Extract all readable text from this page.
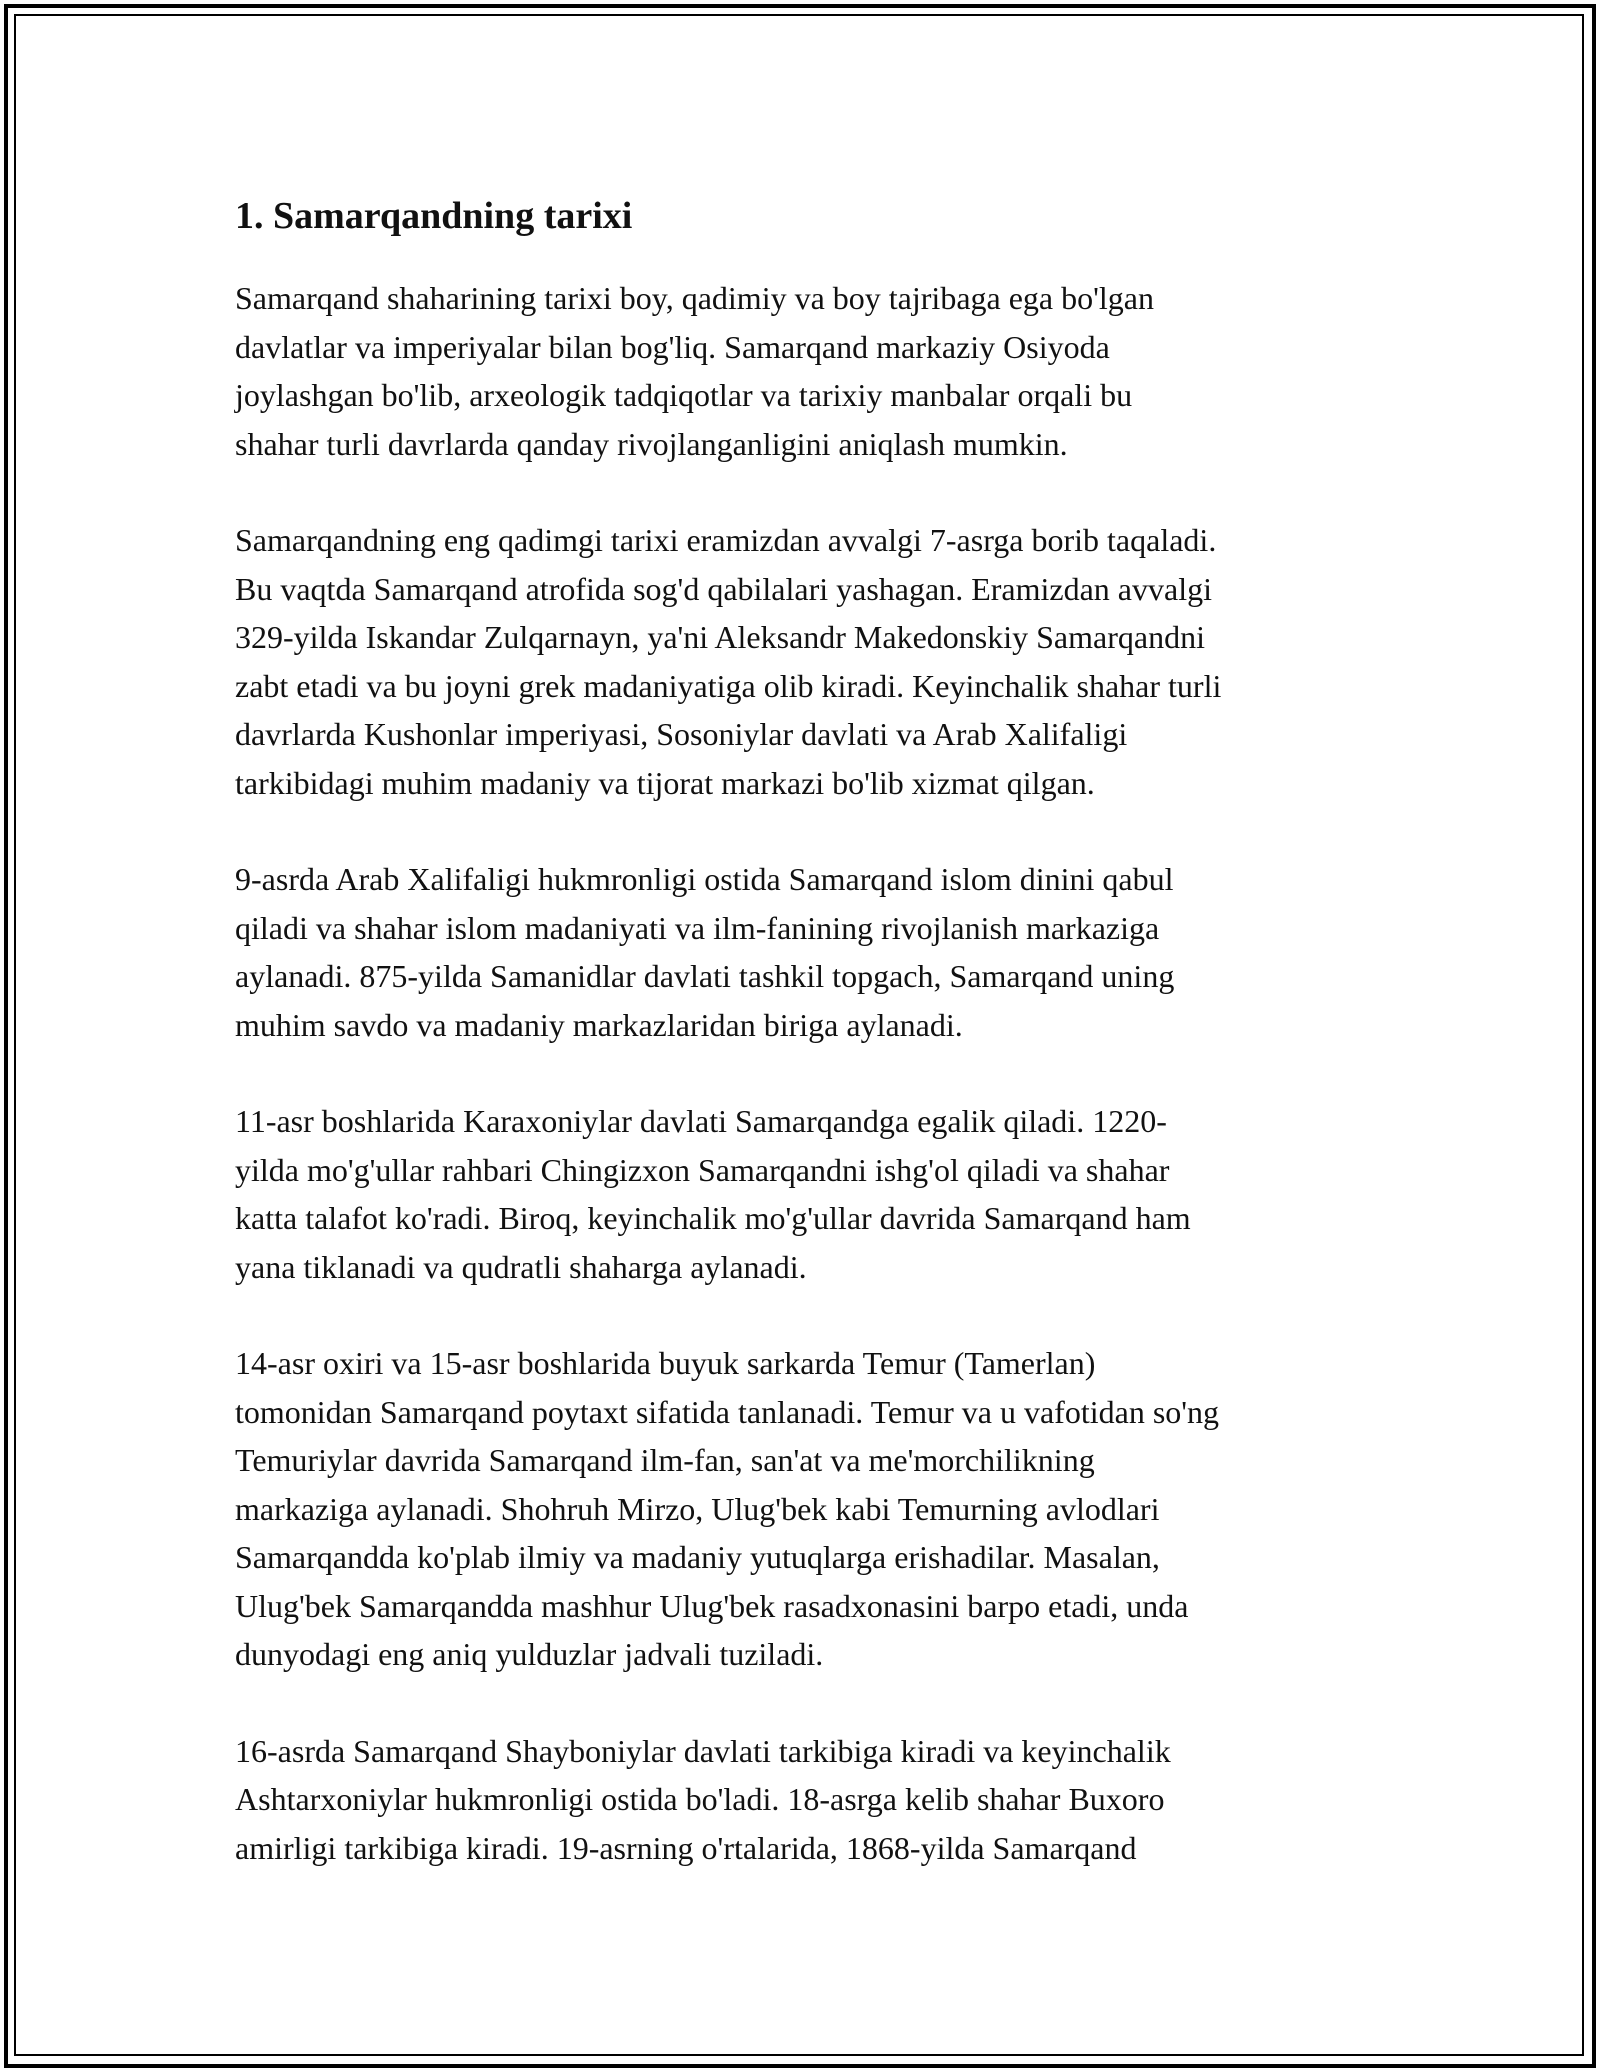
1. Samarqandning tarixi

Samarqand shaharining tarixi boy, qadimiy va boy tajribaga ega bo'lgan
davlatlar va imperiyalar bilan bog'liq. Samarqand markaziy Osiyoda
joylashgan bo'lib, arxeologik tadqiqotlar va tarixiy manbalar orqali bu
shahar turli davrlarda qanday rivojlanganligini aniqlash mumkin.

Samarqandning eng qadimgi tarixi eramizdan avvalgi 7-asrga borib taqaladi.
Bu vaqtda Samarqand atrofida sog'd qabilalari yashagan. Eramizdan avvalgi
329-yilda Iskandar Zulqarnayn, ya'ni Aleksandr Makedonskiy Samarqandni
zabt etadi va bu joyni grek madaniyatiga olib kiradi. Keyinchalik shahar turli
davrlarda Kushonlar imperiyasi, Sosoniylar davlati va Arab Xalifaligi
tarkibidagi muhim madaniy va tijorat markazi bo'lib xizmat qilgan.

9-asrda Arab Xalifaligi hukmronligi ostida Samarqand islom dinini qabul
qiladi va shahar islom madaniyati va ilm-fanining rivojlanish markaziga
aylanadi. 875-yilda Samanidlar davlati tashkil topgach, Samarqand uning
muhim savdo va madaniy markazlaridan biriga aylanadi.

11-asr boshlarida Karaxoniylar davlati Samarqandga egalik qiladi. 1220-
yilda mo'g'ullar rahbari Chingizxon Samarqandni ishg'ol qiladi va shahar
katta talafot ko'radi. Biroq, keyinchalik mo'g'ullar davrida Samarqand ham
yana tiklanadi va qudratli shaharga aylanadi.

14-asr oxiri va 15-asr boshlarida buyuk sarkarda Temur (Tamerlan)
tomonidan Samarqand poytaxt sifatida tanlanadi. Temur va u vafotidan so'ng
Temuriylar davrida Samarqand ilm-fan, san'at va me'morchilikning
markaziga aylanadi. Shohruh Mirzo, Ulug'bek kabi Temurning avlodlari
Samarqandda ko'plab ilmiy va madaniy yutuqlarga erishadilar. Masalan,
Ulug'bek Samarqandda mashhur Ulug'bek rasadxonasini barpo etadi, unda
dunyodagi eng aniq yulduzlar jadvali tuziladi.

16-asrda Samarqand Shayboniylar davlati tarkibiga kiradi va keyinchalik
Ashtarxoniylar hukmronligi ostida bo'ladi. 18-asrga kelib shahar Buxoro
amirligi tarkibiga kiradi. 19-asrning o'rtalarida, 1868-yilda Samarqand
